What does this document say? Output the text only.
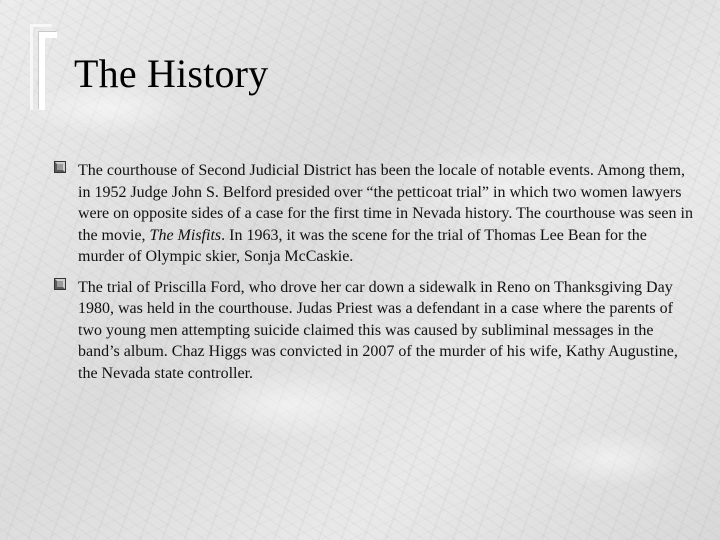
The History
The courthouse of Second Judicial District has been the locale of notable events. Among them, in 1952 Judge John S. Belford presided over “the petticoat trial” in which two women lawyers were on opposite sides of a case for the first time in Nevada history. The courthouse was seen in the movie, The Misfits. In 1963, it was the scene for the trial of Thomas Lee Bean for the murder of Olympic skier, Sonja McCaskie.
The trial of Priscilla Ford, who drove her car down a sidewalk in Reno on Thanksgiving Day 1980, was held in the courthouse. Judas Priest was a defendant in a case where the parents of two young men attempting suicide claimed this was caused by subliminal messages in the band’s album. Chaz Higgs was convicted in 2007 of the murder of his wife, Kathy Augustine, the Nevada state controller.
